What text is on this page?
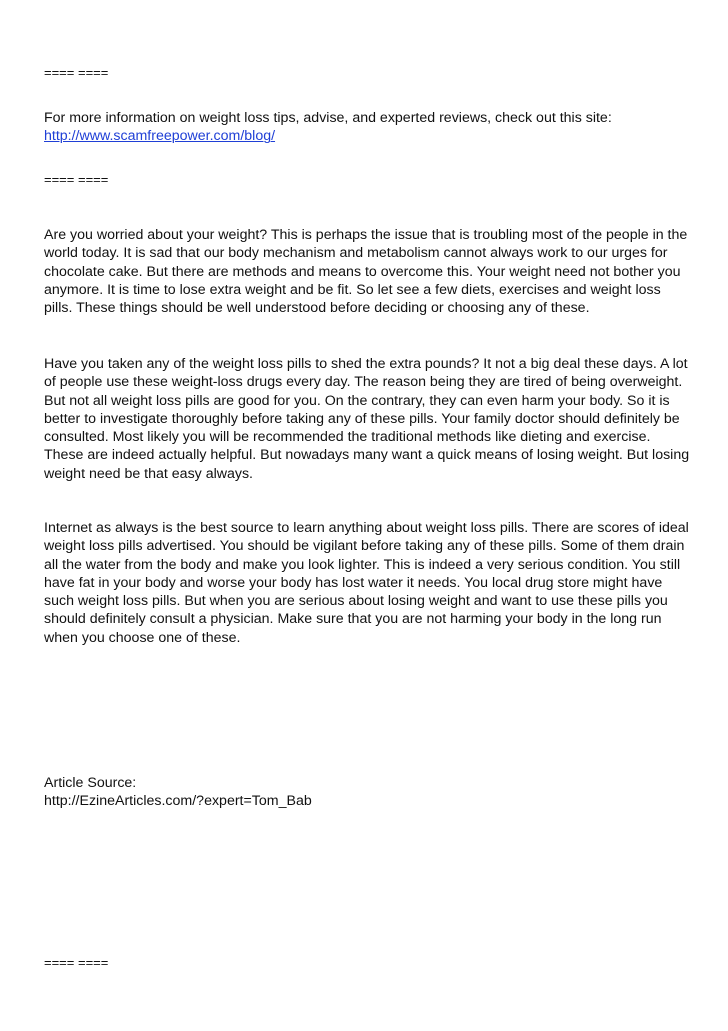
==== ====
For more information on weight loss tips, advise, and experted reviews, check out this site:
http://www.scamfreepower.com/blog/
==== ====

Are you worried about your weight? This is perhaps the issue that is troubling most of the people in the world today. It is sad that our body mechanism and metabolism cannot always work to our urges for chocolate cake. But there are methods and means to overcome this. Your weight need not bother you anymore. It is time to lose extra weight and be fit. So let see a few diets, exercises and weight loss pills. These things should be well understood before deciding or choosing any of these.

Have you taken any of the weight loss pills to shed the extra pounds? It not a big deal these days. A lot of people use these weight-loss drugs every day. The reason being they are tired of being overweight. But not all weight loss pills are good for you. On the contrary, they can even harm your body. So it is better to investigate thoroughly before taking any of these pills. Your family doctor should definitely be consulted. Most likely you will be recommended the traditional methods like dieting and exercise. These are indeed actually helpful. But nowadays many want a quick means of losing weight. But losing weight need be that easy always.

Internet as always is the best source to learn anything about weight loss pills. There are scores of ideal weight loss pills advertised. You should be vigilant before taking any of these pills. Some of them drain all the water from the body and make you look lighter. This is indeed a very serious condition. You still have fat in your body and worse your body has lost water it needs. You local drug store might have such weight loss pills. But when you are serious about losing weight and want to use these pills you should definitely consult a physician. Make sure that you are not harming your body in the long run when you choose one of these.

Article Source:
http://EzineArticles.com/?expert=Tom_Bab
==== ====
